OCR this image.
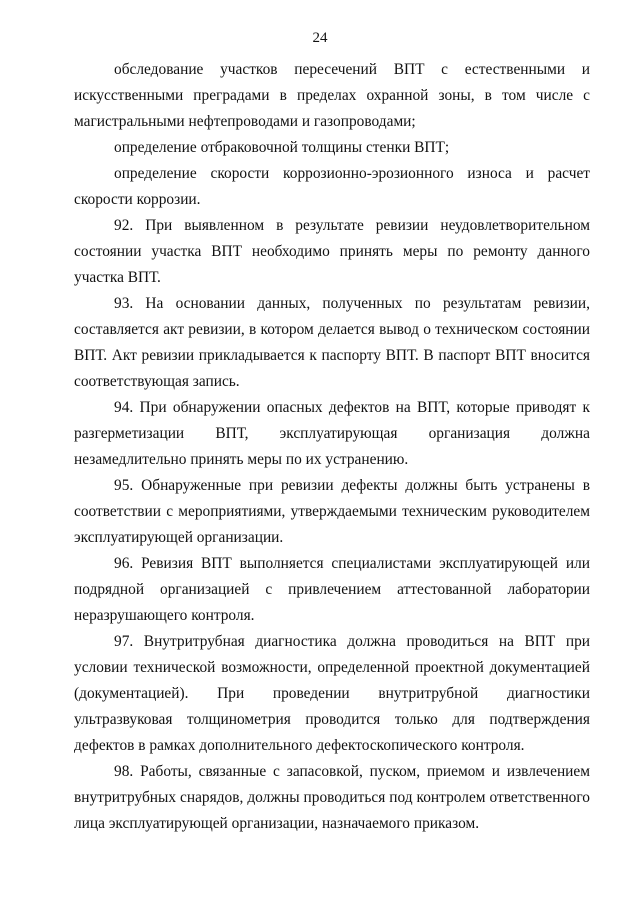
24

обследование участков пересечений ВПТ с естественными и искусственными преградами в пределах охранной зоны, в том числе с магистральными нефтепроводами и газопроводами;

определение отбраковочной толщины стенки ВПТ;

определение скорости коррозионно-эрозионного износа и расчет скорости коррозии.

92. При выявленном в результате ревизии неудовлетворительном состоянии участка ВПТ необходимо принять меры по ремонту данного участка ВПТ.

93. На основании данных, полученных по результатам ревизии, составляется акт ревизии, в котором делается вывод о техническом состоянии ВПТ. Акт ревизии прикладывается к паспорту ВПТ. В паспорт ВПТ вносится соответствующая запись.

94. При обнаружении опасных дефектов на ВПТ, которые приводят к разгерметизации ВПТ, эксплуатирующая организация должна незамедлительно принять меры по их устранению.

95. Обнаруженные при ревизии дефекты должны быть устранены в соответствии с мероприятиями, утверждаемыми техническим руководителем эксплуатирующей организации.

96. Ревизия ВПТ выполняется специалистами эксплуатирующей или подрядной организацией с привлечением аттестованной лаборатории неразрушающего контроля.

97. Внутритрубная диагностика должна проводиться на ВПТ при условии технической возможности, определенной проектной документацией (документацией). При проведении внутритрубной диагностики ультразвуковая толщинометрия проводится только для подтверждения дефектов в рамках дополнительного дефектоскопического контроля.

98. Работы, связанные с запасовкой, пуском, приемом и извлечением внутритрубных снарядов, должны проводиться под контролем ответственного лица эксплуатирующей организации, назначаемого приказом.
